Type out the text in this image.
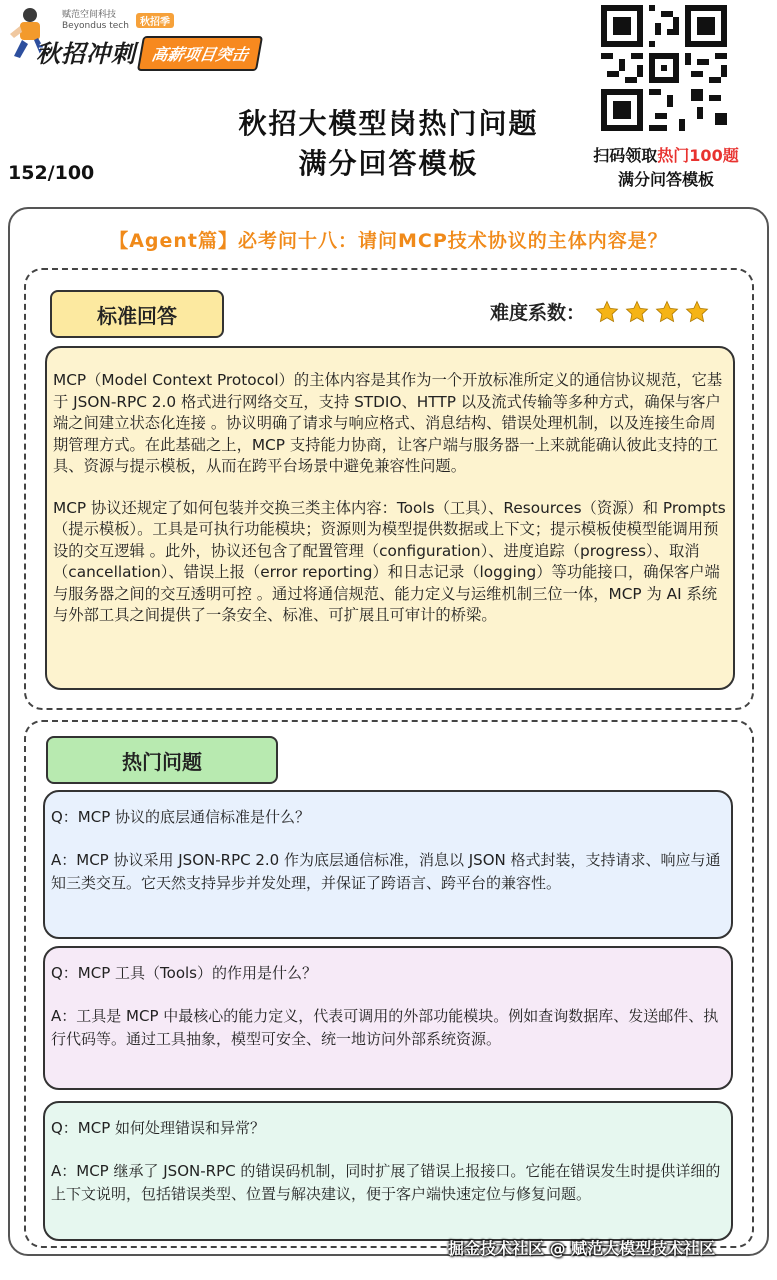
赋范空间科技
Beyondus tech	秋招季
秋招冲刺 高薪项目突击
秋招大模型岗热门问题
满分回答模板
152/100
扫码领取热门100题
满分问答模板
【Agent篇】必考问十八：请问MCP技术协议的主体内容是？
标准回答	难度系数：

MCP（Model Context Protocol）的主体内容是其作为一个开放标准所定义的通信协议规范，它基于 JSON-RPC 2.0 格式进行网络交互，支持 STDIO、HTTP 以及流式传输等多种方式，确保与客户端之间建立状态化连接 。协议明确了请求与响应格式、消息结构、错误处理机制，以及连接生命周期管理方式。在此基础之上，MCP 支持能力协商，让客户端与服务器一上来就能确认彼此支持的工具、资源与提示模板，从而在跨平台场景中避免兼容性问题。

MCP 协议还规定了如何包装并交换三类主体内容：Tools（工具）、Resources（资源）和 Prompts（提示模板）。工具是可执行功能模块；资源则为模型提供数据或上下文；提示模板使模型能调用预设的交互逻辑 。此外，协议还包含了配置管理（configuration）、进度追踪（progress）、取消（cancellation）、错误上报（error reporting）和日志记录（logging）等功能接口，确保客户端与服务器之间的交互透明可控 。通过将通信规范、能力定义与运维机制三位一体，MCP 为 AI 系统与外部工具之间提供了一条安全、标准、可扩展且可审计的桥梁。

热门问题

Q：MCP 协议的底层通信标准是什么？

A：MCP 协议采用 JSON-RPC 2.0 作为底层通信标准，消息以 JSON 格式封装，支持请求、响应与通知三类交互。它天然支持异步并发处理，并保证了跨语言、跨平台的兼容性。

Q：MCP 工具（Tools）的作用是什么？

A：工具是 MCP 中最核心的能力定义，代表可调用的外部功能模块。例如查询数据库、发送邮件、执行代码等。通过工具抽象，模型可安全、统一地访问外部系统资源。

Q：MCP 如何处理错误和异常？

A：MCP 继承了 JSON-RPC 的错误码机制，同时扩展了错误上报接口。它能在错误发生时提供详细的上下文说明，包括错误类型、位置与解决建议，便于客户端快速定位与修复问题。

掘金技术社区 @ 赋范大模型技术社区
